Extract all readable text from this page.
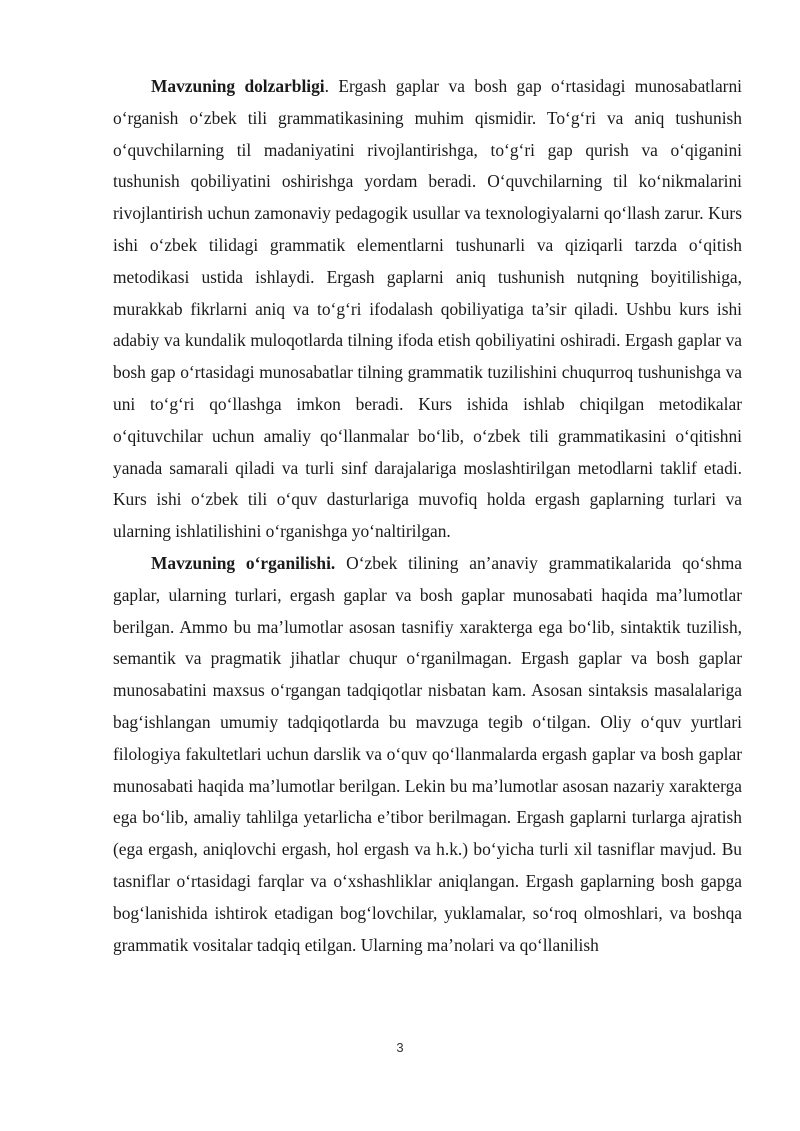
Mavzuning dolzarbligi. Ergash gaplar va bosh gap o‘rtasidagi munosabatlarni o‘rganish o‘zbek tili grammatikasining muhim qismidir. To‘g‘ri va aniq tushunish o‘quvchilarning til madaniyatini rivojlantirishga, to‘g‘ri gap qurish va o‘qiganini tushunish qobiliyatini oshirishga yordam beradi. O‘quvchilarning til ko‘nikmalarini rivojlantirish uchun zamonaviy pedagogik usullar va texnologiyalarni qo‘llash zarur. Kurs ishi o‘zbek tilidagi grammatik elementlarni tushunarli va qiziqarli tarzda o‘qitish metodikasi ustida ishlaydi. Ergash gaplarni aniq tushunish nutqning boyitilishiga, murakkab fikrlarni aniq va to‘g‘ri ifodalash qobiliyatiga ta’sir qiladi. Ushbu kurs ishi adabiy va kundalik muloqotlarda tilning ifoda etish qobiliyatini oshiradi. Ergash gaplar va bosh gap o‘rtasidagi munosabatlar tilning grammatik tuzilishini chuqurroq tushunishga va uni to‘g‘ri qo‘llashga imkon beradi. Kurs ishida ishlab chiqilgan metodikalar o‘qituvchilar uchun amaliy qo‘llanmalar bo‘lib, o‘zbek tili grammatikasini o‘qitishni yanada samarali qiladi va turli sinf darajalariga moslashtirilgan metodlarni taklif etadi. Kurs ishi o‘zbek tili o‘quv dasturlariga muvofiq holda ergash gaplarning turlari va ularning ishlatilishini o‘rganishga yo‘naltirilgan.

Mavzuning o‘rganilishi. O‘zbek tilining an’anaviy grammatikalarida qo‘shma gaplar, ularning turlari, ergash gaplar va bosh gaplar munosabati haqida ma’lumotlar berilgan. Ammo bu ma’lumotlar asosan tasnifiy xarakterga ega bo‘lib, sintaktik tuzilish, semantik va pragmatik jihatlar chuqur o‘rganilmagan. Ergash gaplar va bosh gaplar munosabatini maxsus o‘rgangan tadqiqotlar nisbatan kam. Asosan sintaksis masalalariga bag‘ishlangan umumiy tadqiqotlarda bu mavzuga tegib o‘tilgan. Oliy o‘quv yurtlari filologiya fakultetlari uchun darslik va o‘quv qo‘llanmalarda ergash gaplar va bosh gaplar munosabati haqida ma’lumotlar berilgan. Lekin bu ma’lumotlar asosan nazariy xarakterga ega bo‘lib, amaliy tahlilga yetarlicha e’tibor berilmagan. Ergash gaplarni turlarga ajratish (ega ergash, aniqlovchi ergash, hol ergash va h.k.) bo‘yicha turli xil tasniflar mavjud. Bu tasniflar o‘rtasidagi farqlar va o‘xshashliklar aniqlangan. Ergash gaplarning bosh gapga bog‘lanishida ishtirok etadigan bog‘lovchilar, yuklamalar, so‘roq olmoshlari, va boshqa grammatik vositalar tadqiq etilgan. Ularning ma’nolari va qo‘llanilish

3
